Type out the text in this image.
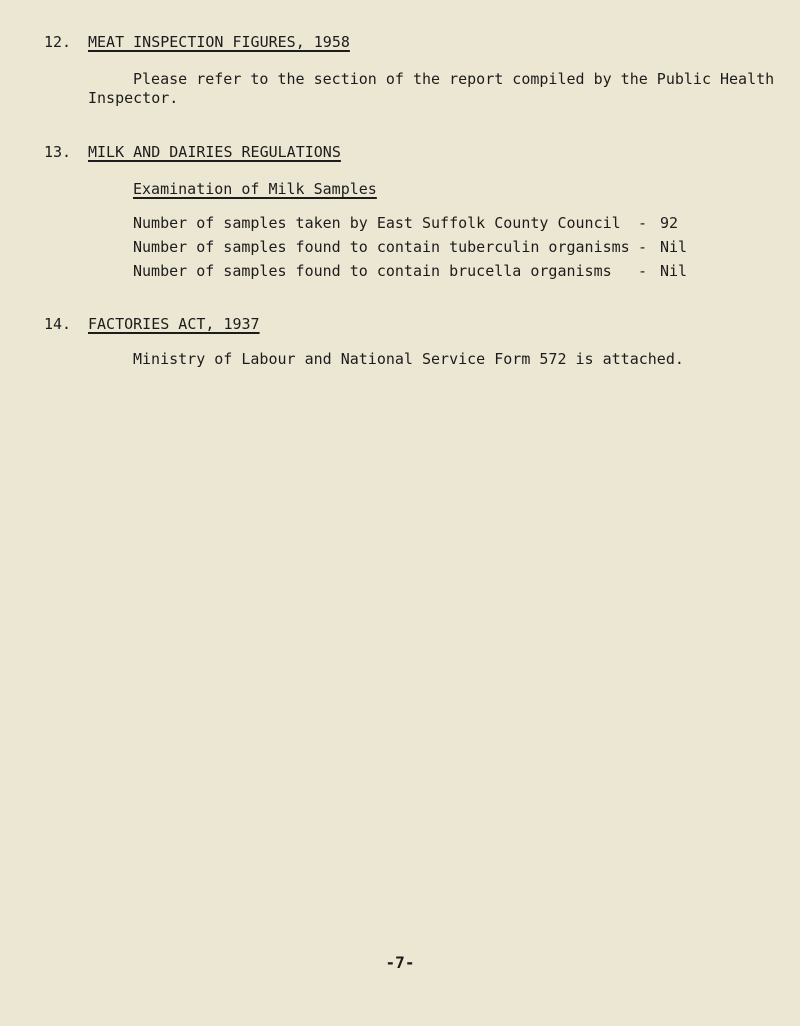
12. MEAT INSPECTION FIGURES, 1958
Please refer to the section of the report compiled by the Public Health
Inspector.
13. MILK AND DAIRIES REGULATIONS
Examination of Milk Samples
Number of samples taken by East Suffolk County Council - 92
Number of samples found to contain tuberculin organisms - Nil
Number of samples found to contain brucella organisms - Nil
14. FACTORIES ACT, 1937
Ministry of Labour and National Service Form 572 is attached.
-7-
